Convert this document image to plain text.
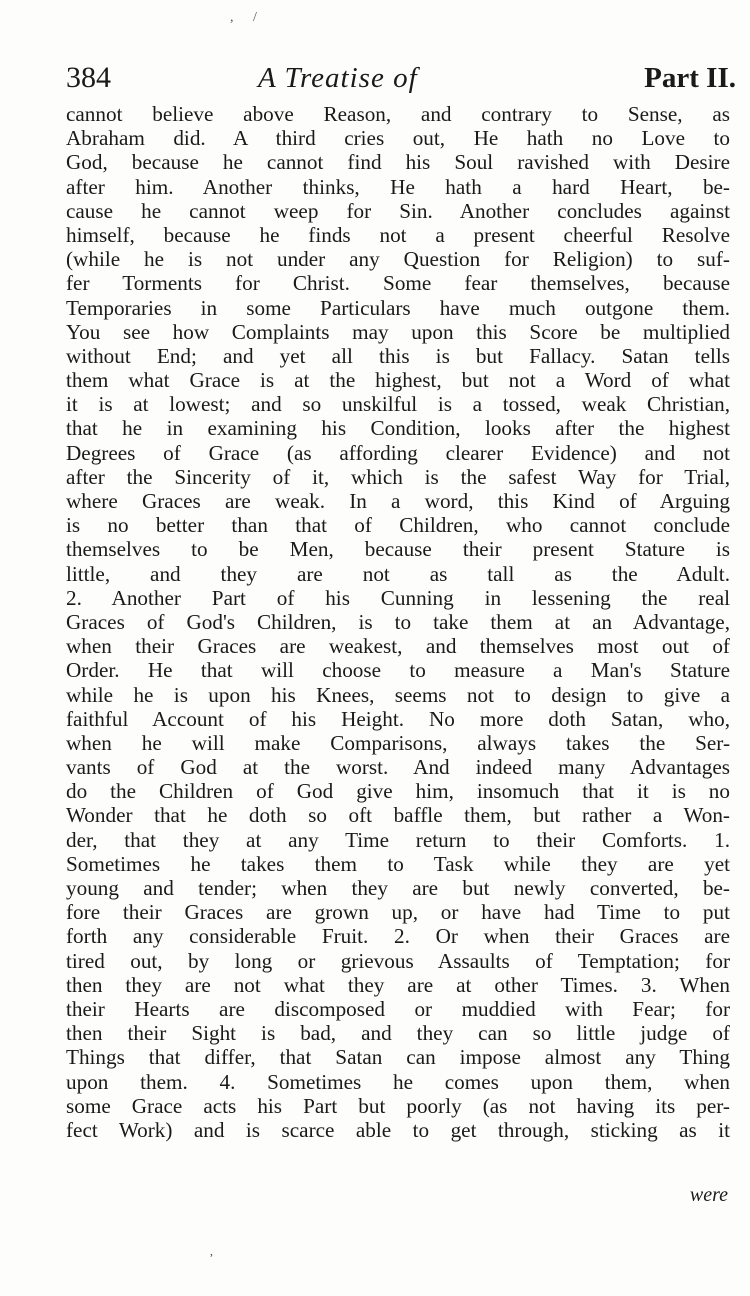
, /
384	A Treatise of	Part II.
cannot believe above Reason, and contrary to Sense, as
Abraham did. A third cries out, He hath no Love to
God, because he cannot find his Soul ravished with Desire
after him. Another thinks, He hath a hard Heart, be-
cause he cannot weep for Sin. Another concludes against
himself, because he finds not a present cheerful Resolve
(while he is not under any Question for Religion) to suf-
fer Torments for Christ. Some fear themselves, because
Temporaries in some Particulars have much outgone them.
You see how Complaints may upon this Score be multiplied
without End; and yet all this is but Fallacy. Satan tells
them what Grace is at the highest, but not a Word of what
it is at lowest; and so unskilful is a tossed, weak Christian,
that he in examining his Condition, looks after the highest
Degrees of Grace (as affording clearer Evidence) and not
after the Sincerity of it, which is the safest Way for Trial,
where Graces are weak. In a word, this Kind of Arguing
is no better than that of Children, who cannot conclude
themselves to be Men, because their present Stature is
little, and they are not as tall as the Adult.
2. Another Part of his Cunning in lessening the real
Graces of God's Children, is to take them at an Advantage,
when their Graces are weakest, and themselves most out of
Order. He that will choose to measure a Man's Stature
while he is upon his Knees, seems not to design to give a
faithful Account of his Height. No more doth Satan, who,
when he will make Comparisons, always takes the Ser-
vants of God at the worst. And indeed many Advantages
do the Children of God give him, insomuch that it is no
Wonder that he doth so oft baffle them, but rather a Won-
der, that they at any Time return to their Comforts. 1.
Sometimes he takes them to Task while they are yet
young and tender; when they are but newly converted, be-
fore their Graces are grown up, or have had Time to put
forth any considerable Fruit. 2. Or when their Graces are
tired out, by long or grievous Assaults of Temptation; for
then they are not what they are at other Times. 3. When
their Hearts are discomposed or muddied with Fear; for
then their Sight is bad, and they can so little judge of
Things that differ, that Satan can impose almost any Thing
upon them. 4. Sometimes he comes upon them, when
some Grace acts his Part but poorly (as not having its per-
fect Work) and is scarce able to get through, sticking as it
were
,
